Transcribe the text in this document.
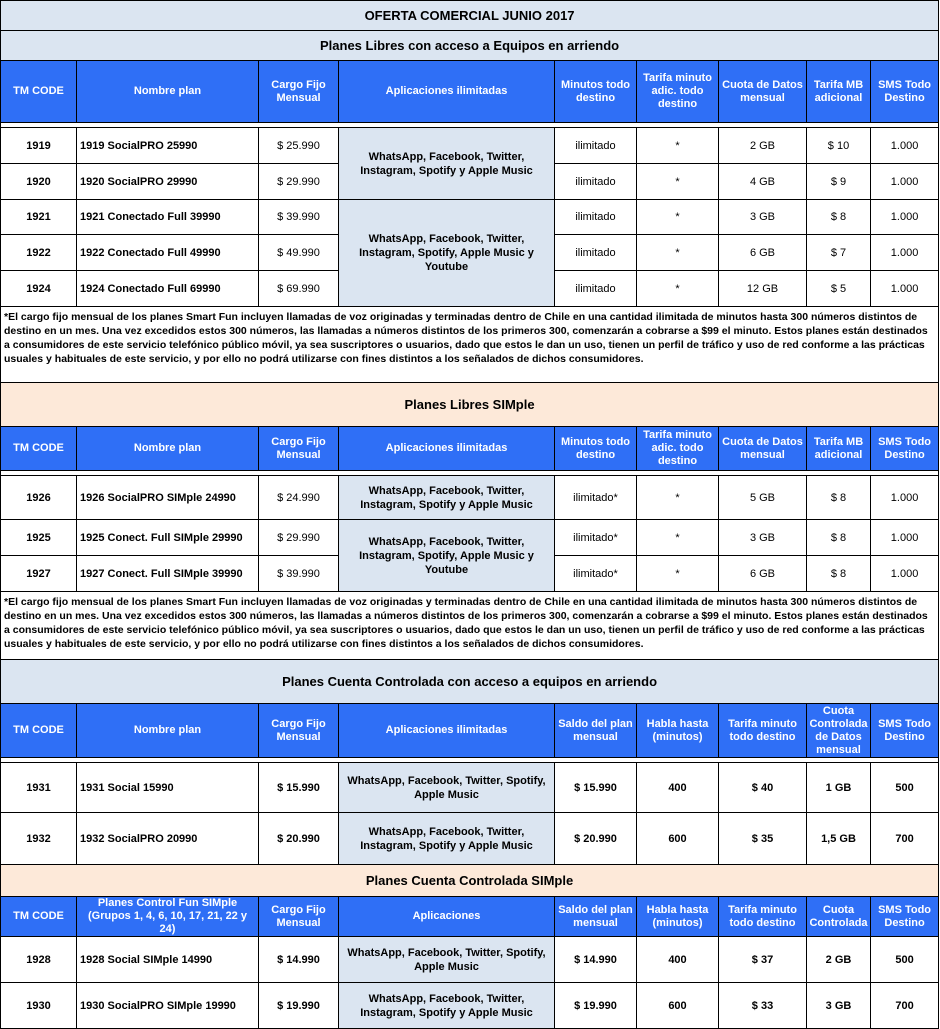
OFERTA COMERCIAL JUNIO 2017								
Planes Libres con acceso a Equipos en arriendo								
TM CODE	Nombre plan	Cargo Fijo Mensual	Aplicaciones ilimitadas	Minutos todo destino	Tarifa minuto adic. todo destino	Cuota de Datos mensual	Tarifa MB adicional	SMS Todo Destino

1919	1919 SocialPRO 25990	$ 25.990	WhatsApp, Facebook, Twitter, Instagram, Spotify y Apple Music	ilimitado	*	2 GB	$ 10	1.000
1920	1920 SocialPRO 29990	$ 29.990		ilimitado	*	4 GB	$ 9	1.000
1921	1921 Conectado Full 39990	$ 39.990	WhatsApp, Facebook, Twitter, Instagram, Spotify, Apple Music y Youtube	ilimitado	*	3 GB	$ 8	1.000
1922	1922 Conectado Full 49990	$ 49.990		ilimitado	*	6 GB	$ 7	1.000
1924	1924 Conectado Full 69990	$ 69.990		ilimitado	*	12 GB	$ 5	1.000
*El cargo fijo mensual de los planes Smart Fun incluyen llamadas de voz originadas y terminadas dentro de Chile en una cantidad ilimitada de minutos hasta 300 números distintos de destino en un mes. Una vez excedidos estos 300 números, las llamadas a números distintos de los primeros 300, comenzarán a cobrarse a $99 el minuto. Estos planes están destinados a consumidores de este servicio telefónico público móvil, ya sea suscriptores o usuarios, dado que estos le dan un uso, tienen un perfil de tráfico y uso de red conforme a las prácticas usuales y habituales de este servicio, y por ello no podrá utilizarse con fines distintos a los señalados de dichos consumidores.								
Planes Libres SIMple								
TM CODE	Nombre plan	Cargo Fijo Mensual	Aplicaciones ilimitadas	Minutos todo destino	Tarifa minuto adic. todo destino	Cuota de Datos mensual	Tarifa MB adicional	SMS Todo Destino

1926	1926 SocialPRO SIMple 24990	$ 24.990	WhatsApp, Facebook, Twitter, Instagram, Spotify y Apple Music	ilimitado*	*	5 GB	$ 8	1.000
1925	1925 Conect. Full SIMple 29990	$ 29.990	WhatsApp, Facebook, Twitter, Instagram, Spotify, Apple Music y Youtube	ilimitado*	*	3 GB	$ 8	1.000
1927	1927 Conect. Full SIMple 39990	$ 39.990		ilimitado*	*	6 GB	$ 8	1.000
*El cargo fijo mensual de los planes Smart Fun incluyen llamadas de voz originadas y terminadas dentro de Chile en una cantidad ilimitada de minutos hasta 300 números distintos de destino en un mes. Una vez excedidos estos 300 números, las llamadas a números distintos de los primeros 300, comenzarán a cobrarse a $99 el minuto. Estos planes están destinados a consumidores de este servicio telefónico público móvil, ya sea suscriptores o usuarios, dado que estos le dan un uso, tienen un perfil de tráfico y uso de red conforme a las prácticas usuales y habituales de este servicio, y por ello no podrá utilizarse con fines distintos a los señalados de dichos consumidores.								
Planes Cuenta Controlada con acceso a equipos en arriendo								
TM CODE	Nombre plan	Cargo Fijo Mensual	Aplicaciones ilimitadas	Saldo del plan mensual	Habla hasta (minutos)	Tarifa minuto todo destino	Cuota Controlada de Datos mensual	SMS Todo Destino

1931	1931 Social 15990	$ 15.990	WhatsApp, Facebook, Twitter, Spotify, Apple Music	$ 15.990	400	$ 40	1 GB	500
1932	1932 SocialPRO 20990	$ 20.990	WhatsApp, Facebook, Twitter, Instagram, Spotify y Apple Music	$ 20.990	600	$ 35	1,5 GB	700
Planes Cuenta Controlada SIMple								
TM CODE	Planes Control Fun SIMple (Grupos 1, 4, 6, 10, 17, 21, 22 y 24)	Cargo Fijo Mensual	Aplicaciones	Saldo del plan mensual	Habla hasta (minutos)	Tarifa minuto todo destino	Cuota Controlada	SMS Todo Destino
1928	1928 Social SIMple 14990	$ 14.990	WhatsApp, Facebook, Twitter, Spotify, Apple Music	$ 14.990	400	$ 37	2 GB	500
1930	1930 SocialPRO SIMple 19990	$ 19.990	WhatsApp, Facebook, Twitter, Instagram, Spotify y Apple Music	$ 19.990	600	$ 33	3 GB	700
